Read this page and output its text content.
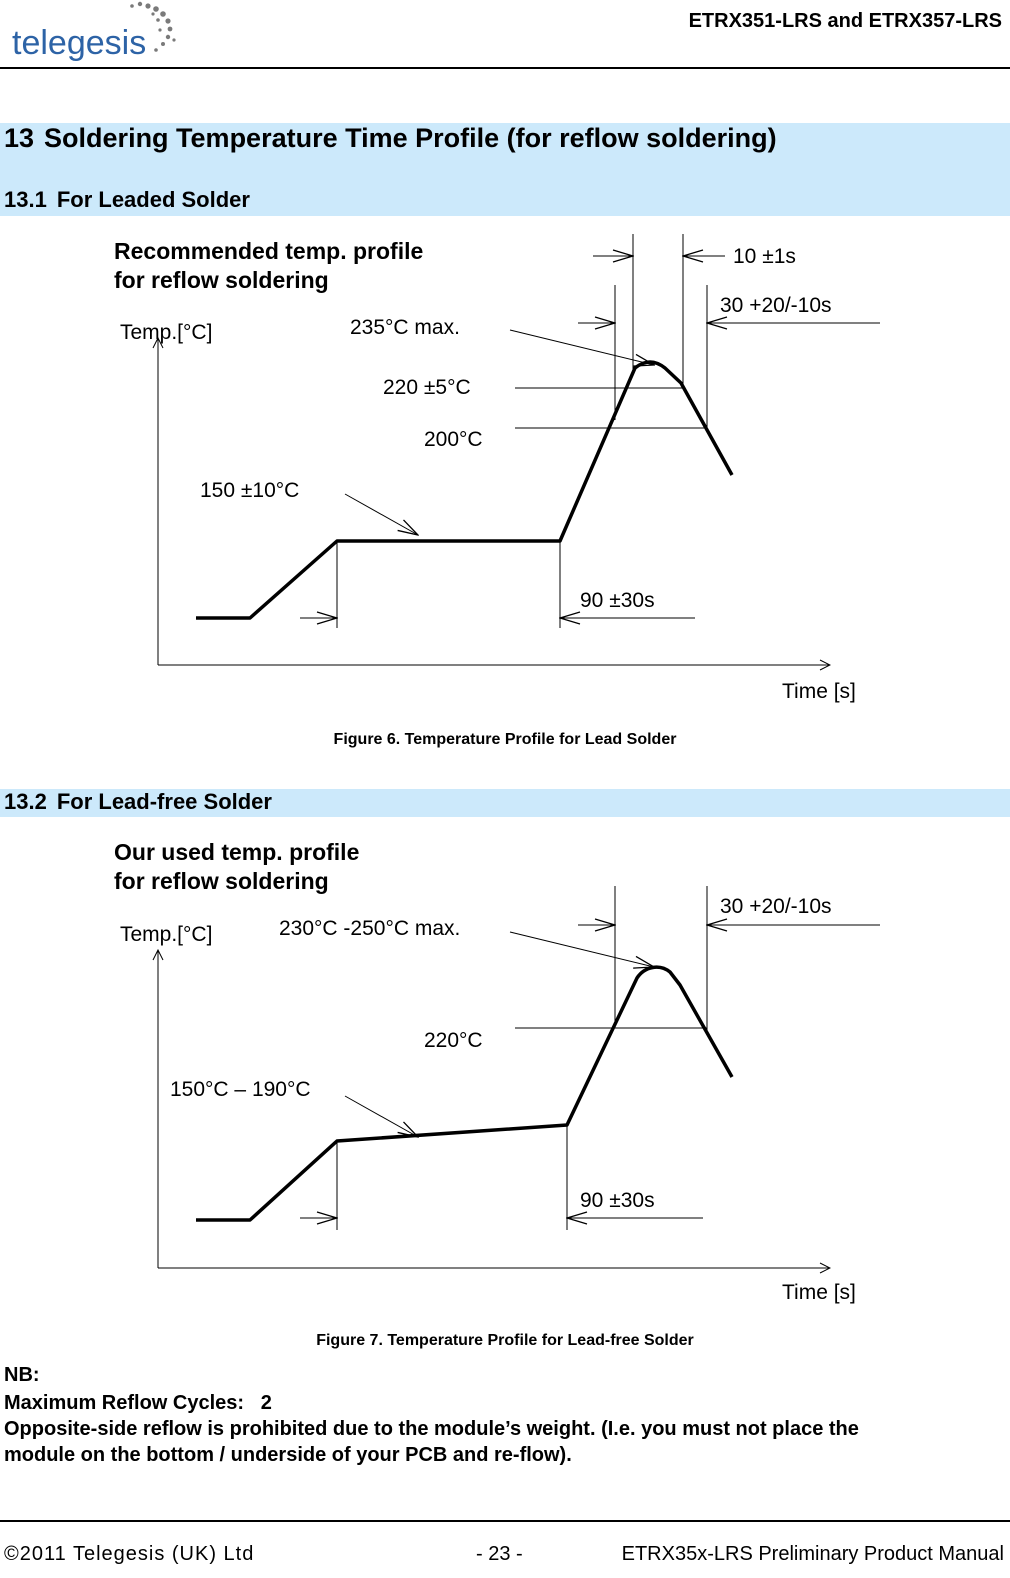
telegesis
ETRX351-LRS and ETRX357-LRS
13 Soldering Temperature Time Profile (for reflow soldering)
13.1 For Leaded Solder
Recommended temp. profile
for reflow soldering
Temp.[°C]
Time [s]
10 ±1s
30 +20/-10s
235°C max.
220 ±5°C
200°C
150 ±10°C
90 ±30s
Figure 6. Temperature Profile for Lead Solder
13.2 For Lead-free Solder
Our used temp. profile
for reflow soldering
Temp.[°C]
Time [s]
30 +20/-10s
230°C -250°C max.
220°C
150°C – 190°C
90 ±30s
Figure 7. Temperature Profile for Lead-free Solder
NB:
Maximum Reflow Cycles:   2
Opposite-side reflow is prohibited due to the module’s weight. (I.e. you must not place the
module on the bottom / underside of your PCB and re-flow).
©2011 Telegesis (UK) Ltd	- 23 -	ETRX35x-LRS Preliminary Product Manual
